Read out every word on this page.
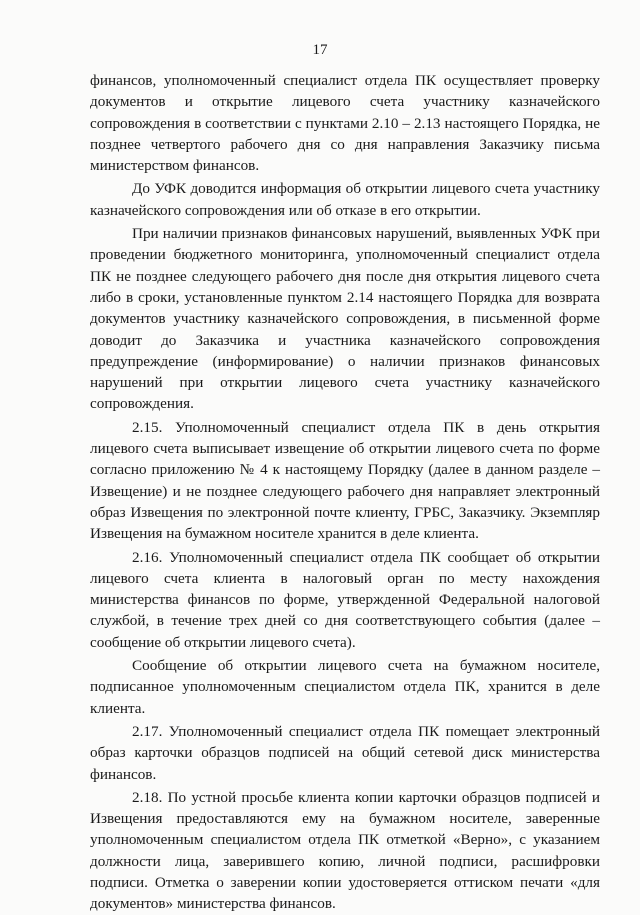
17

финансов, уполномоченный специалист отдела ПК осуществляет проверку документов и открытие лицевого счета участнику казначейского сопровождения в соответствии с пунктами 2.10 – 2.13 настоящего Порядка, не позднее четвертого рабочего дня со дня направления Заказчику письма министерством финансов.

До УФК доводится информация об открытии лицевого счета участнику казначейского сопровождения или об отказе в его открытии.

При наличии признаков финансовых нарушений, выявленных УФК при проведении бюджетного мониторинга, уполномоченный специалист отдела ПК не позднее следующего рабочего дня после дня открытия лицевого счета либо в сроки, установленные пунктом 2.14 настоящего Порядка для возврата документов участнику казначейского сопровождения, в письменной форме доводит до Заказчика и участника казначейского сопровождения предупреждение (информирование) о наличии признаков финансовых нарушений при открытии лицевого счета участнику казначейского сопровождения.

2.15. Уполномоченный специалист отдела ПК в день открытия лицевого счета выписывает извещение об открытии лицевого счета по форме согласно приложению № 4 к настоящему Порядку (далее в данном разделе – Извещение) и не позднее следующего рабочего дня направляет электронный образ Извещения по электронной почте клиенту, ГРБС, Заказчику. Экземпляр Извещения на бумажном носителе хранится в деле клиента.

2.16. Уполномоченный специалист отдела ПК сообщает об открытии лицевого счета клиента в налоговый орган по месту нахождения министерства финансов по форме, утвержденной Федеральной налоговой службой, в течение трех дней со дня соответствующего события (далее – сообщение об открытии лицевого счета).

Сообщение об открытии лицевого счета на бумажном носителе, подписанное уполномоченным специалистом отдела ПК, хранится в деле клиента.

2.17. Уполномоченный специалист отдела ПК помещает электронный образ карточки образцов подписей на общий сетевой диск министерства финансов.

2.18. По устной просьбе клиента копии карточки образцов подписей и Извещения предоставляются ему на бумажном носителе, заверенные уполномоченным специалистом отдела ПК отметкой «Верно», с указанием должности лица, заверившего копию, личной подписи, расшифровки подписи. Отметка о заверении копии удостоверяется оттиском печати «для документов» министерства финансов.
